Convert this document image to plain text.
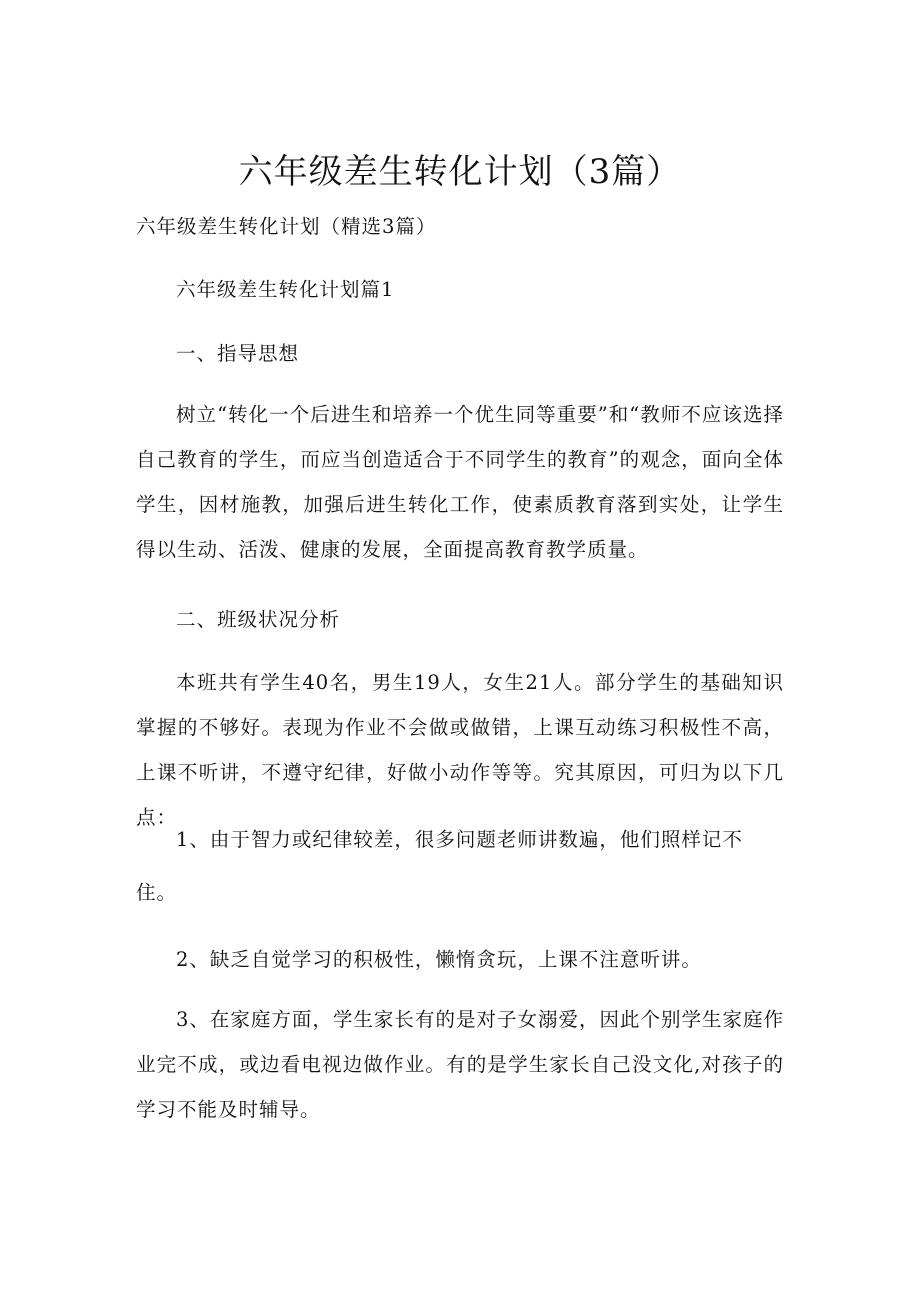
六年级差生转化计划（3篇）
六年级差生转化计划（精选3篇）
六年级差生转化计划篇1
一、指导思想

树立“转化一个后进生和培养一个优生同等重要”和“教师不应该选择自己教育的学生，而应当创造适合于不同学生的教育”的观念，面向全体学生，因材施教，加强后进生转化工作，使素质教育落到实处，让学生得以生动、活泼、健康的发展，全面提高教育教学质量。

二、班级状况分析

本班共有学生40名，男生19人，女生21人。部分学生的基础知识掌握的不够好。表现为作业不会做或做错，上课互动练习积极性不高，上课不听讲，不遵守纪律，好做小动作等等。究其原因，可归为以下几点：

1、由于智力或纪律较差，很多问题老师讲数遍，他们照样记不
住。
2、缺乏自觉学习的积极性，懒惰贪玩，上课不注意听讲。

3、在家庭方面，学生家长有的是对子女溺爱，因此个别学生家庭作业完不成，或边看电视边做作业。有的是学生家长自己没文化,对孩子的学习不能及时辅导。
